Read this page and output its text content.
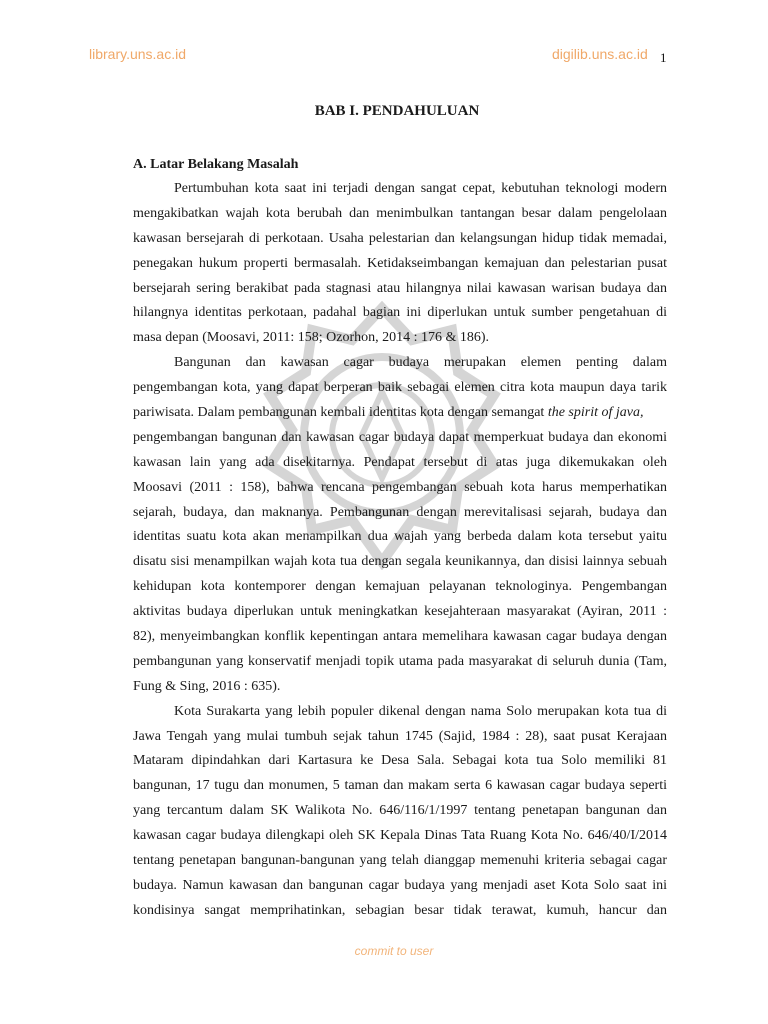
library.uns.ac.id	digilib.uns.ac.id 1
BAB I. PENDAHULUAN
A. Latar Belakang Masalah
Pertumbuhan kota saat ini terjadi dengan sangat cepat, kebutuhan teknologi modern
mengakibatkan wajah kota berubah dan menimbulkan tantangan besar dalam pengelolaan
kawasan bersejarah di perkotaan. Usaha pelestarian dan kelangsungan hidup tidak memadai,
penegakan hukum properti bermasalah. Ketidakseimbangan kemajuan dan pelestarian pusat
bersejarah sering berakibat pada stagnasi atau hilangnya nilai kawasan warisan budaya dan
hilangnya identitas perkotaan, padahal bagian ini diperlukan untuk sumber pengetahuan di
masa depan (Moosavi, 2011: 158; Ozorhon, 2014 : 176 & 186).
Bangunan dan kawasan cagar budaya merupakan elemen penting dalam
pengembangan kota, yang dapat berperan baik sebagai elemen citra kota maupun daya tarik
pariwisata. Dalam pembangunan kembali identitas kota dengan semangat the spirit of java,
pengembangan bangunan dan kawasan cagar budaya dapat memperkuat budaya dan ekonomi
kawasan lain yang ada disekitarnya. Pendapat tersebut di atas juga dikemukakan oleh
Moosavi (2011 : 158), bahwa rencana pengembangan sebuah kota harus memperhatikan
sejarah, budaya, dan maknanya. Pembangunan dengan merevitalisasi sejarah, budaya dan
identitas suatu kota akan menampilkan dua wajah yang berbeda dalam kota tersebut yaitu
disatu sisi menampilkan wajah kota tua dengan segala keunikannya, dan disisi lainnya sebuah
kehidupan kota kontemporer dengan kemajuan pelayanan teknologinya. Pengembangan
aktivitas budaya diperlukan untuk meningkatkan kesejahteraan masyarakat (Ayiran, 2011 :
82), menyeimbangkan konflik kepentingan antara memelihara kawasan cagar budaya dengan
pembangunan yang konservatif menjadi topik utama pada masyarakat di seluruh dunia (Tam,
Fung & Sing, 2016 : 635).
Kota Surakarta yang lebih populer dikenal dengan nama Solo merupakan kota tua di
Jawa Tengah yang mulai tumbuh sejak tahun 1745 (Sajid, 1984 : 28), saat pusat Kerajaan
Mataram dipindahkan dari Kartasura ke Desa Sala. Sebagai kota tua Solo memiliki 81
bangunan, 17 tugu dan monumen, 5 taman dan makam serta 6 kawasan cagar budaya seperti
yang tercantum dalam SK Walikota No. 646/116/1/1997 tentang penetapan bangunan dan
kawasan cagar budaya dilengkapi oleh SK Kepala Dinas Tata Ruang Kota No. 646/40/I/2014
tentang penetapan bangunan-bangunan yang telah dianggap memenuhi kriteria sebagai cagar
budaya. Namun kawasan dan bangunan cagar budaya yang menjadi aset Kota Solo saat ini
kondisinya sangat memprihatinkan, sebagian besar tidak terawat, kumuh, hancur dan
commit to user
